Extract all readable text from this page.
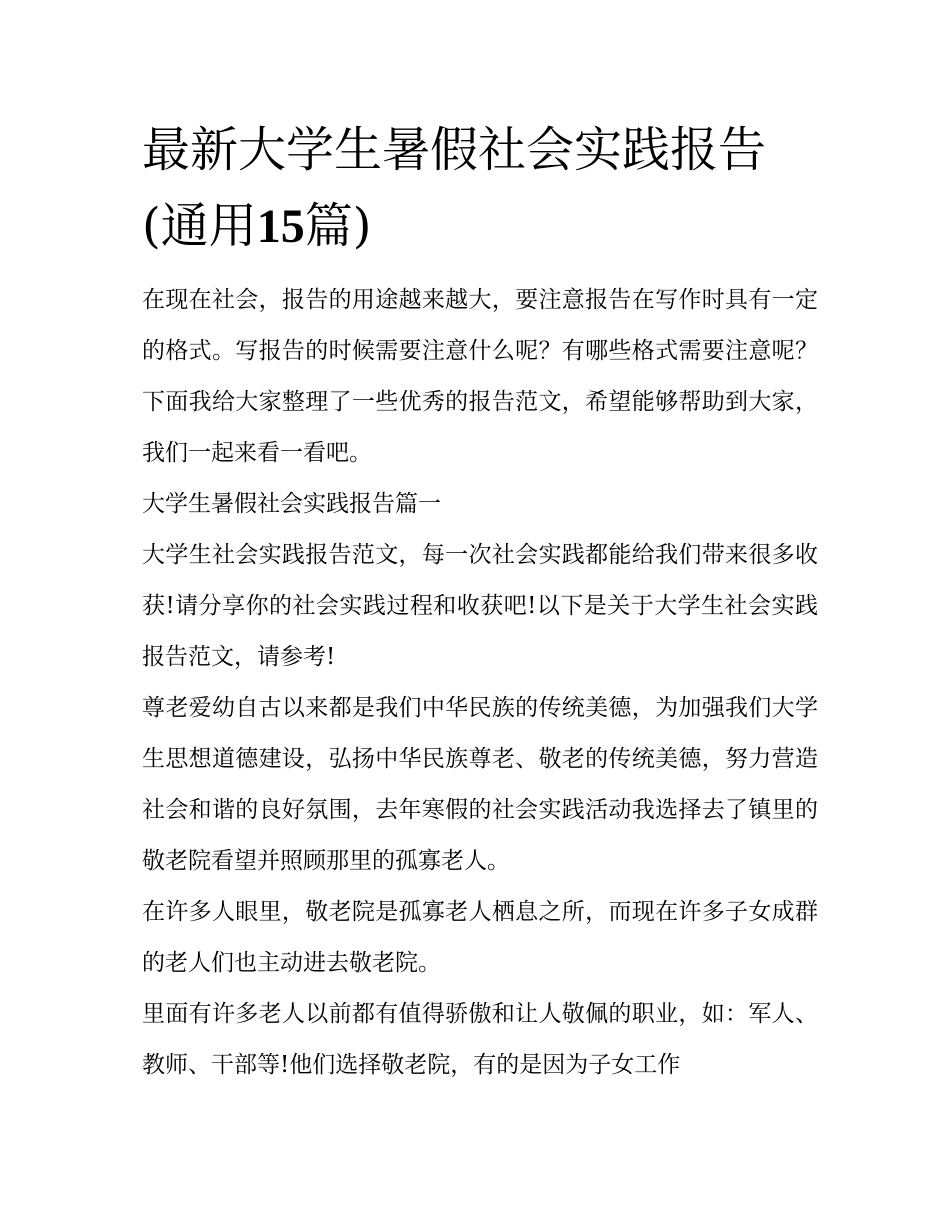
最新大学生暑假社会实践报告(通用15篇)

在现在社会，报告的用途越来越大，要注意报告在写作时具有一定的格式。写报告的时候需要注意什么呢？有哪些格式需要注意呢？下面我给大家整理了一些优秀的报告范文，希望能够帮助到大家，我们一起来看一看吧。

大学生暑假社会实践报告篇一

大学生社会实践报告范文，每一次社会实践都能给我们带来很多收获!请分享你的社会实践过程和收获吧!以下是关于大学生社会实践报告范文，请参考!

尊老爱幼自古以来都是我们中华民族的传统美德，为加强我们大学生思想道德建设，弘扬中华民族尊老、敬老的传统美德，努力营造社会和谐的良好氛围，去年寒假的社会实践活动我选择去了镇里的敬老院看望并照顾那里的孤寡老人。

在许多人眼里，敬老院是孤寡老人栖息之所，而现在许多子女成群的老人们也主动进去敬老院。

里面有许多老人以前都有值得骄傲和让人敬佩的职业，如：军人、教师、干部等!他们选择敬老院，有的是因为子女工作
